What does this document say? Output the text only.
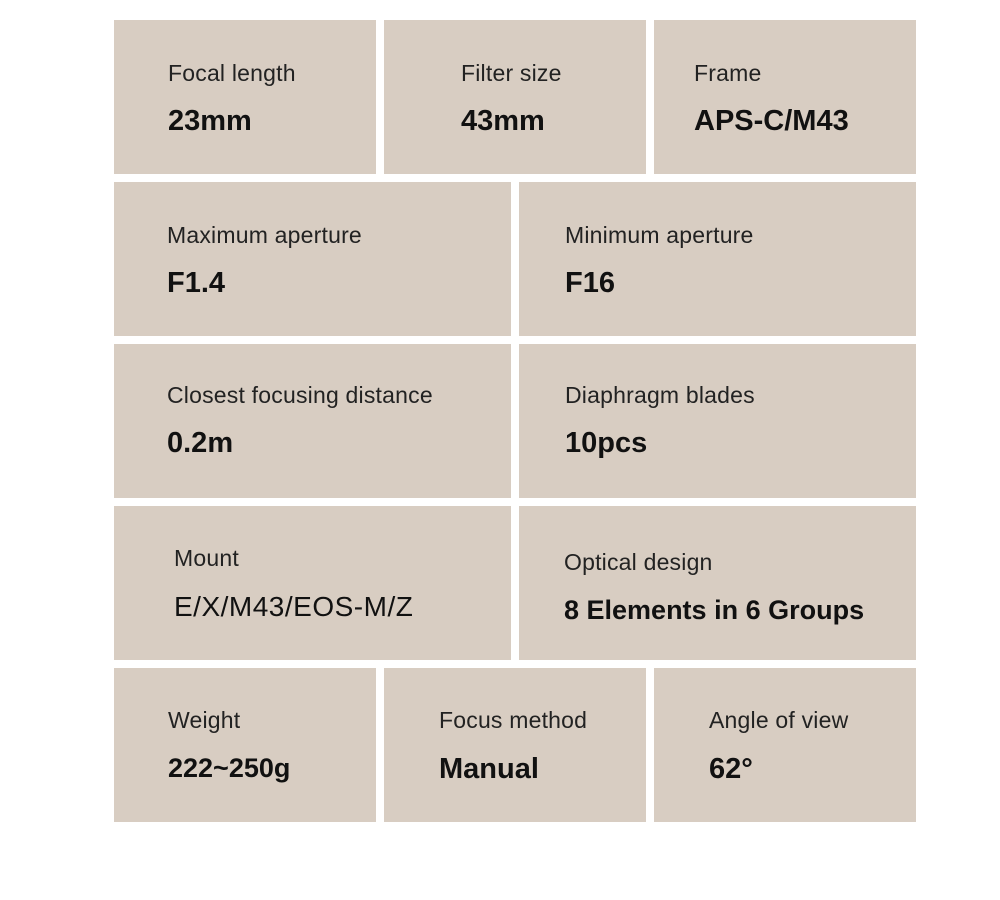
Focal length
23mm
Filter size
43mm
Frame
APS-C/M43
Maximum aperture
F1.4
Minimum aperture
F16
Closest focusing distance
0.2m
Diaphragm blades
10pcs
Mount
E/X/M43/EOS-M/Z
Optical design
8 Elements in 6 Groups
Weight
222~250g
Focus method
Manual
Angle of view
62°
